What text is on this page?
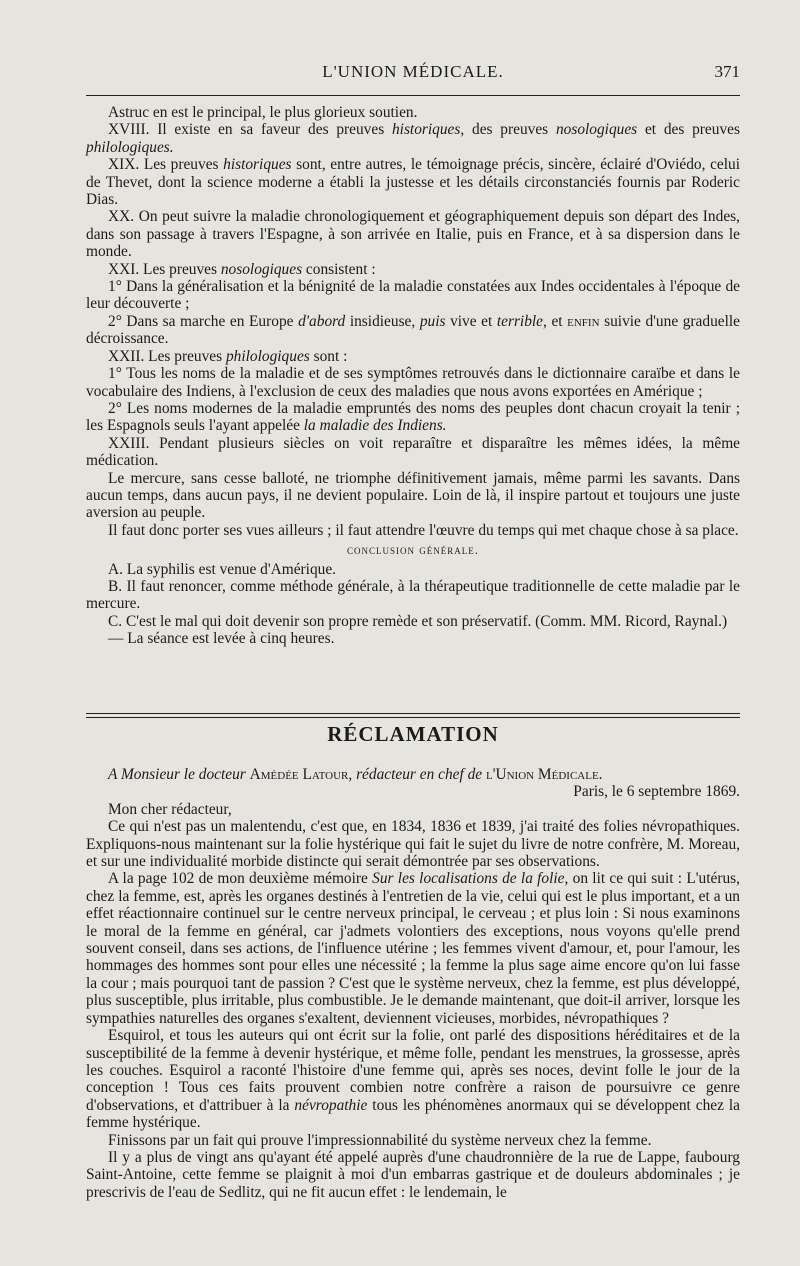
L'UNION MÉDICALE.	371

Astruc en est le principal, le plus glorieux soutien.

XVIII. Il existe en sa faveur des preuves historiques, des preuves nosologiques et des preuves philologiques.

XIX. Les preuves historiques sont, entre autres, le témoignage précis, sincère, éclairé d'Oviédo, celui de Thevet, dont la science moderne a établi la justesse et les détails circonstanciés fournis par Roderic Dias.

XX. On peut suivre la maladie chronologiquement et géographiquement depuis son départ des Indes, dans son passage à travers l'Espagne, à son arrivée en Italie, puis en France, et à sa dispersion dans le monde.

XXI. Les preuves nosologiques consistent :

1° Dans la généralisation et la bénignité de la maladie constatées aux Indes occidentales à l'époque de leur découverte ;

2° Dans sa marche en Europe d'abord insidieuse, puis vive et terrible, et enfin suivie d'une graduelle décroissance.

XXII. Les preuves philologiques sont :

1° Tous les noms de la maladie et de ses symptômes retrouvés dans le dictionnaire caraïbe et dans le vocabulaire des Indiens, à l'exclusion de ceux des maladies que nous avons exportées en Amérique ;

2° Les noms modernes de la maladie empruntés des noms des peuples dont chacun croyait la tenir ; les Espagnols seuls l'ayant appelée la maladie des Indiens.

XXIII. Pendant plusieurs siècles on voit reparaître et disparaître les mêmes idées, la même médication.

Le mercure, sans cesse balloté, ne triomphe définitivement jamais, même parmi les savants. Dans aucun temps, dans aucun pays, il ne devient populaire. Loin de là, il inspire partout et toujours une juste aversion au peuple.

Il faut donc porter ses vues ailleurs ; il faut attendre l'œuvre du temps qui met chaque chose à sa place.

conclusion générale.

A. La syphilis est venue d'Amérique.

B. Il faut renoncer, comme méthode générale, à la thérapeutique traditionnelle de cette maladie par le mercure.

C. C'est le mal qui doit devenir son propre remède et son préservatif. (Comm. MM. Ricord, Raynal.)

— La séance est levée à cinq heures.

RÉCLAMATION

A Monsieur le docteur Amédée Latour, rédacteur en chef de l'Union Médicale.

Paris, le 6 septembre 1869.

Mon cher rédacteur,

Ce qui n'est pas un malentendu, c'est que, en 1834, 1836 et 1839, j'ai traité des folies névropathiques. Expliquons-nous maintenant sur la folie hystérique qui fait le sujet du livre de notre confrère, M. Moreau, et sur une individualité morbide distincte qui serait démontrée par ses observations.

A la page 102 de mon deuxième mémoire Sur les localisations de la folie, on lit ce qui suit : L'utérus, chez la femme, est, après les organes destinés à l'entretien de la vie, celui qui est le plus important, et a un effet réactionnaire continuel sur le centre nerveux principal, le cerveau ; et plus loin : Si nous examinons le moral de la femme en général, car j'admets volontiers des exceptions, nous voyons qu'elle prend souvent conseil, dans ses actions, de l'influence utérine ; les femmes vivent d'amour, et, pour l'amour, les hommages des hommes sont pour elles une nécessité ; la femme la plus sage aime encore qu'on lui fasse la cour ; mais pourquoi tant de passion ? C'est que le système nerveux, chez la femme, est plus développé, plus susceptible, plus irritable, plus combustible. Je le demande maintenant, que doit-il arriver, lorsque les sympathies naturelles des organes s'exaltent, deviennent vicieuses, morbides, névropathiques ?

Esquirol, et tous les auteurs qui ont écrit sur la folie, ont parlé des dispositions héréditaires et de la susceptibilité de la femme à devenir hystérique, et même folle, pendant les menstrues, la grossesse, après les couches. Esquirol a raconté l'histoire d'une femme qui, après ses noces, devint folle le jour de la conception ! Tous ces faits prouvent combien notre confrère a raison de poursuivre ce genre d'observations, et d'attribuer à la névropathie tous les phénomènes anormaux qui se développent chez la femme hystérique.

Finissons par un fait qui prouve l'impressionnabilité du système nerveux chez la femme.

Il y a plus de vingt ans qu'ayant été appelé auprès d'une chaudronnière de la rue de Lappe, faubourg Saint-Antoine, cette femme se plaignit à moi d'un embarras gastrique et de douleurs abdominales ; je prescrivis de l'eau de Sedlitz, qui ne fit aucun effet : le lendemain, le
